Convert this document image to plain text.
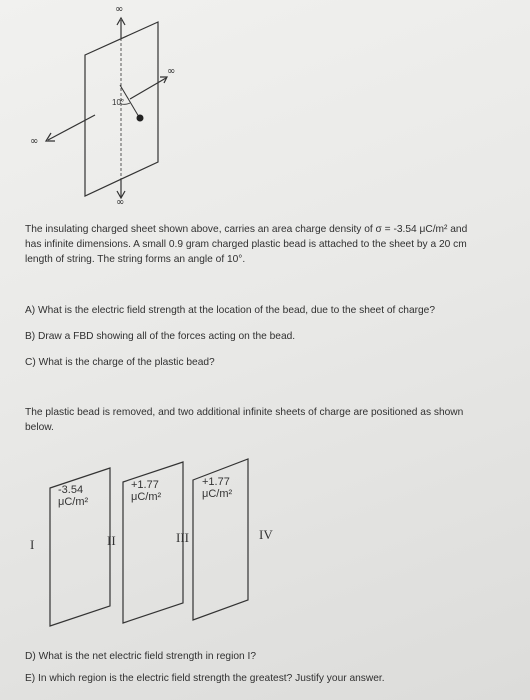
∞
∞
∞
∞
10°
The insulating charged sheet shown above, carries an area charge density of σ = -3.54 μC/m² and
has infinite dimensions. A small 0.9 gram charged plastic bead is attached to the sheet by a 20 cm
length of string. The string forms an angle of 10°.
A) What is the electric field strength at the location of the bead, due to the sheet of charge?
B) Draw a FBD showing all of the forces acting on the bead.
C) What is the charge of the plastic bead?
The plastic bead is removed, and two additional infinite sheets of charge are positioned as shown
below.
-3.54
μC/m²
+1.77
μC/m²
+1.77
μC/m²
I	II	III	IV
D) What is the net electric field strength in region I?
E) In which region is the electric field strength the greatest? Justify your answer.
